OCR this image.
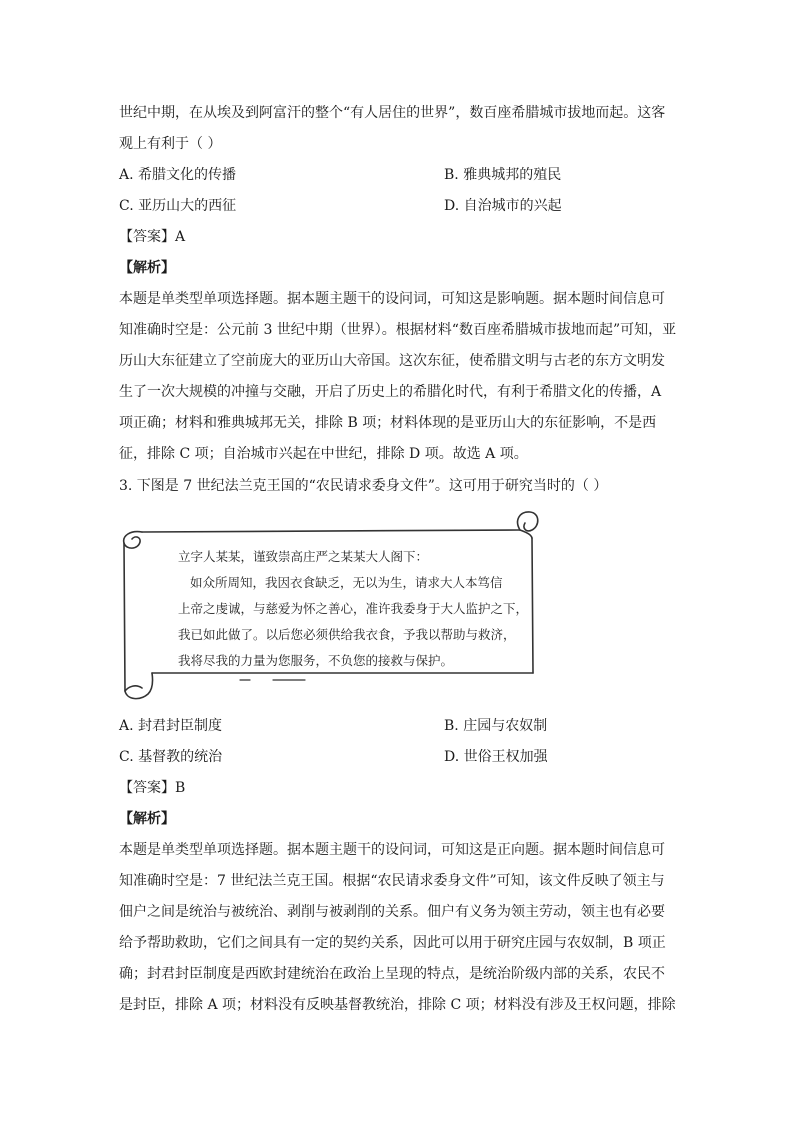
世纪中期，在从埃及到阿富汗的整个“有人居住的世界”，数百座希腊城市拔地而起。这客
观上有利于（ ）
A. 希腊文化的传播	B. 雅典城邦的殖民
C. 亚历山大的西征	D. 自治城市的兴起
【答案】A
【解析】
本题是单类型单项选择题。据本题主题干的设问词，可知这是影响题。据本题时间信息可
知准确时空是：公元前 3 世纪中期（世界）。根据材料“数百座希腊城市拔地而起”可知，亚
历山大东征建立了空前庞大的亚历山大帝国。这次东征，使希腊文明与古老的东方文明发
生了一次大规模的冲撞与交融，开启了历史上的希腊化时代，有利于希腊文化的传播，A
项正确；材料和雅典城邦无关，排除 B 项；材料体现的是亚历山大的东征影响，不是西
征，排除 C 项；自治城市兴起在中世纪，排除 D 项。故选 A 项。
3. 下图是 7 世纪法兰克王国的“农民请求委身文件”。这可用于研究当时的（ ）
立字人某某，谨致崇高庄严之某某大人阁下：
如众所周知，我因衣食缺乏，无以为生，请求大人本笃信
上帝之虔诚，与慈爱为怀之善心，准许我委身于大人监护之下，
我已如此做了。以后您必须供给我衣食，予我以帮助与救济，
我将尽我的力量为您服务，不负您的接救与保护。
A. 封君封臣制度	B. 庄园与农奴制
C. 基督教的统治	D. 世俗王权加强
【答案】B
【解析】
本题是单类型单项选择题。据本题主题干的设问词，可知这是正向题。据本题时间信息可
知准确时空是：7 世纪法兰克王国。根据“农民请求委身文件”可知，该文件反映了领主与
佃户之间是统治与被统治、剥削与被剥削的关系。佃户有义务为领主劳动，领主也有必要
给予帮助救助，它们之间具有一定的契约关系，因此可以用于研究庄园与农奴制，B 项正
确；封君封臣制度是西欧封建统治在政治上呈现的特点，是统治阶级内部的关系，农民不
是封臣，排除 A 项；材料没有反映基督教统治，排除 C 项；材料没有涉及王权问题，排除
